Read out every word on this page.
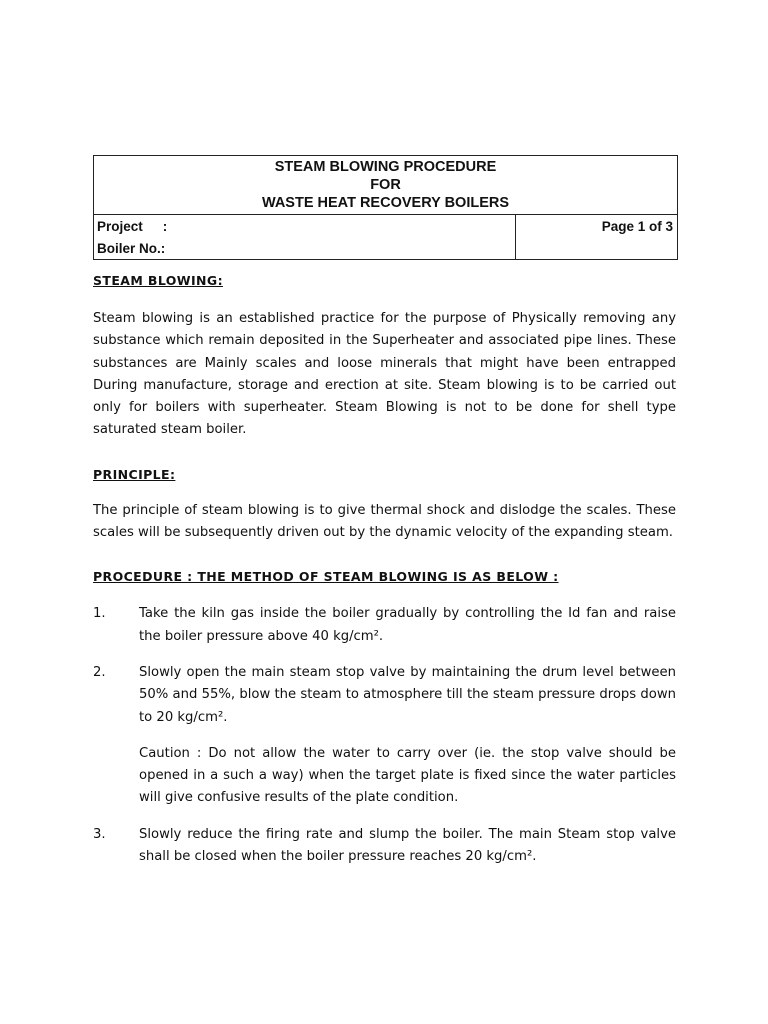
STEAM BLOWING PROCEDURE
FOR
WASTE HEAT RECOVERY BOILERS
Project :
Boiler No.:
Page 1 of 3

STEAM BLOWING:

Steam blowing is an established practice for the purpose of Physically removing any substance which remain deposited in the Superheater and associated pipe lines. These substances are Mainly scales and loose minerals that might have been entrapped During manufacture, storage and erection at site. Steam blowing is to be carried out only for boilers with superheater. Steam Blowing is not to be done for shell type saturated steam boiler.

PRINCIPLE:

The principle of steam blowing is to give thermal shock and dislodge the scales. These scales will be subsequently driven out by the dynamic velocity of the expanding steam.

PROCEDURE : THE METHOD OF STEAM BLOWING IS AS BELOW :

1.	Take the kiln gas inside the boiler gradually by controlling the Id fan and raise the boiler pressure above 40 kg/cm².
2.	Slowly open the main steam stop valve by maintaining the drum level between 50% and 55%, blow the steam to atmosphere till the steam pressure drops down to 20 kg/cm².

Caution : Do not allow the water to carry over (ie. the stop valve should be opened in a such a way) when the target plate is fixed since the water particles will give confusive results of the plate condition.

3.	Slowly reduce the firing rate and slump the boiler. The main Steam stop valve shall be closed when the boiler pressure reaches 20 kg/cm².
